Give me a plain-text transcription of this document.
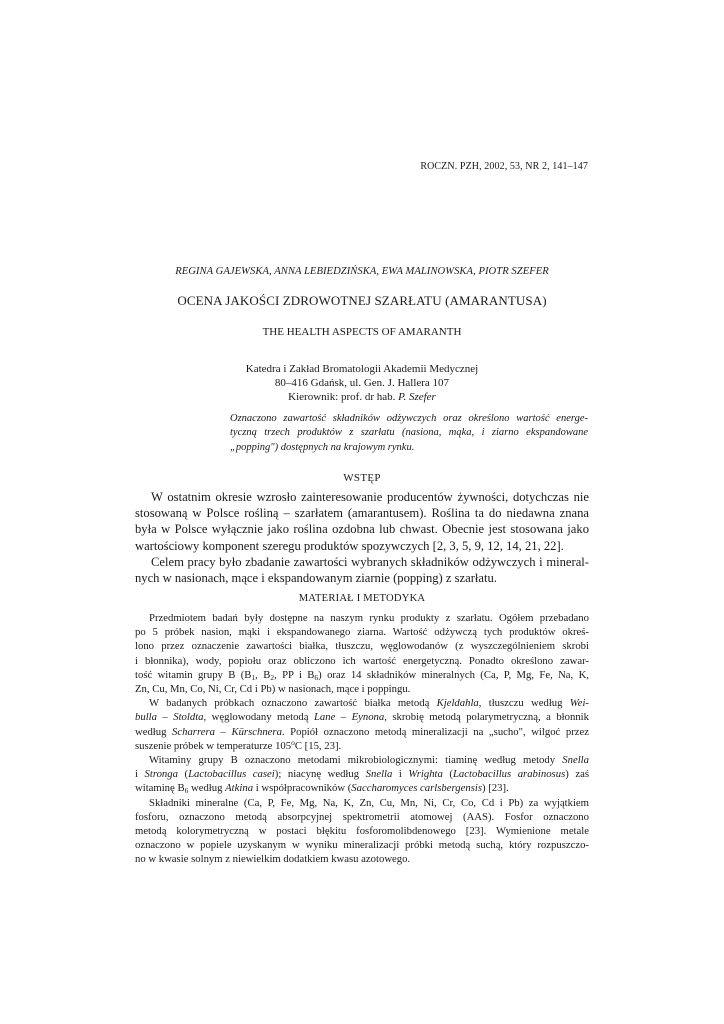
ROCZN. PZH, 2002, 53, NR 2, 141–147
REGINA GAJEWSKA, ANNA LEBIEDZIŃSKA, EWA MALINOWSKA, PIOTR SZEFER
OCENA JAKOŚCI ZDROWOTNEJ SZARŁATU (AMARANTUSA)
THE HEALTH ASPECTS OF AMARANTH
Katedra i Zakład Bromatologii Akademii Medycznej
80–416 Gdańsk, ul. Gen. J. Hallera 107
Kierownik: prof. dr hab. P. Szefer
Oznaczono zawartość składników odżywczych oraz określono wartość energe-
tyczną trzech produktów z szarłatu (nasiona, mąka, i ziarno ekspandowane
„popping") dostępnych na krajowym rynku.
WSTĘP
W ostatnim okresie wzrosło zainteresowanie producentów żywności, dotychczas nie
stosowaną w Polsce rośliną – szarłatem (amarantusem). Roślina ta do niedawna znana
była w Polsce wyłącznie jako roślina ozdobna lub chwast. Obecnie jest stosowana jako
wartościowy komponent szeregu produktów spozywczych [2, 3, 5, 9, 12, 14, 21, 22].
Celem pracy było zbadanie zawartości wybranych składników odżywczych i mineral-
nych w nasionach, mące i ekspandowanym ziarnie (popping) z szarłatu.
MATERIAŁ I METODYKA
Przedmiotem badań były dostępne na naszym rynku produkty z szarłatu. Ogółem przebadano
po 5 próbek nasion, mąki i ekspandowanego ziarna. Wartość odżywczą tych produktów okreś-
lono przez oznaczenie zawartości białka, tłuszczu, węglowodanów (z wyszczególnieniem skrobi
i błonnika), wody, popiołu oraz obliczono ich wartość energetyczną. Ponadto określono zawar-
tość witamin grupy B ($B_1$, $B_2$, PP i $B_6$) oraz 14 składników mineralnych (Ca, P, Mg, Fe, Na, K,
Zn, Cu, Mn, Co, Ni, Cr, Cd i Pb) w nasionach, mące i poppingu.
W badanych próbkach oznaczono zawartość białka metodą Kjeldahla, tłuszczu według Wei-
bulla – Stoldta, węglowodany metodą Lane – Eynona, skrobię metodą polarymetryczną, a błonnik
według Scharrera – Kürschnera. Popiół oznaczono metodą mineralizacji na „sucho", wilgoć przez
suszenie próbek w temperaturze 105$^o$C [15, 23].
Witaminy grupy B oznaczono metodami mikrobiologicznymi: tiaminę według metody Snella
i Stronga (Lactobacillus casei); niacynę według Snella i Wrighta (Lactobacillus arabinosus) zaś
witaminę $B_6$ według Atkina i współpracowników (Saccharomyces carlsbergensis) [23].
Składniki mineralne (Ca, P, Fe, Mg, Na, K, Zn, Cu, Mn, Ni, Cr, Co, Cd i Pb) za wyjątkiem
fosforu, oznaczono metodą absorpcyjnej spektrometrii atomowej (AAS). Fosfor oznaczono
metodą kolorymetryczną w postaci błękitu fosforomolibdenowego [23]. Wymienione metale
oznaczono w popiele uzyskanym w wyniku mineralizacji próbki metodą suchą, który rozpuszczo-
no w kwasie solnym z niewielkim dodatkiem kwasu azotowego.
